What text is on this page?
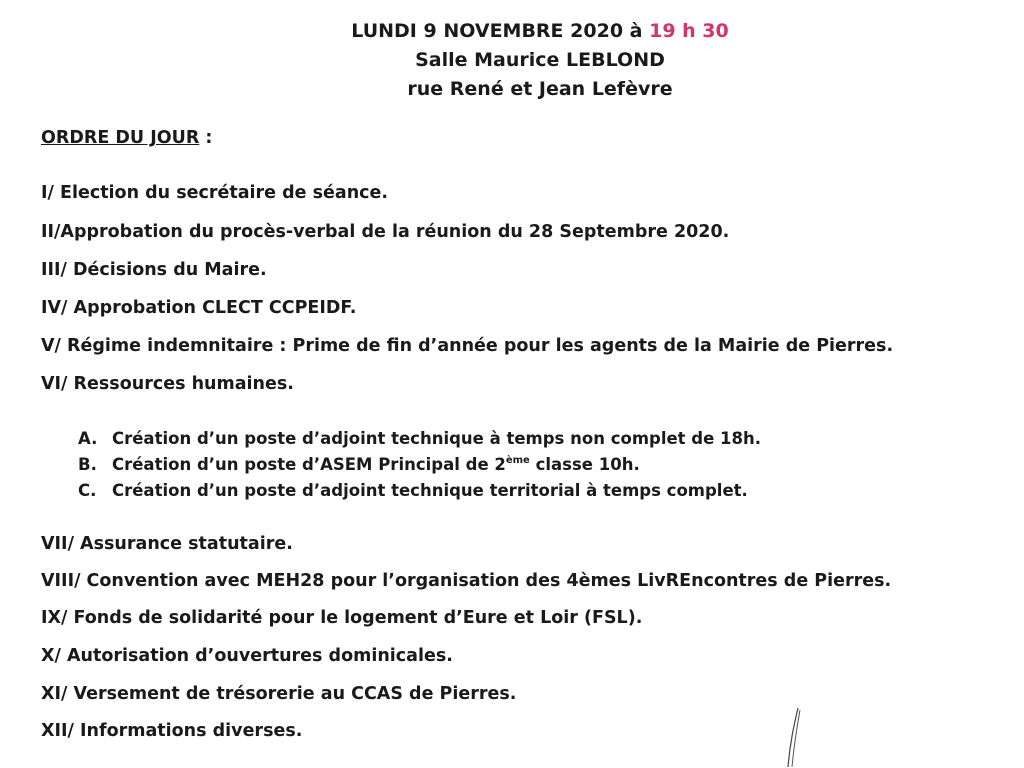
LUNDI 9 NOVEMBRE 2020 à 19 h 30
Salle Maurice LEBLOND
rue René et Jean Lefèvre
ORDRE DU JOUR :
I/ Election du secrétaire de séance.
II/Approbation du procès-verbal de la réunion du 28 Septembre 2020.
III/ Décisions du Maire.
IV/ Approbation CLECT CCPEIDF.
V/ Régime indemnitaire : Prime de fin d’année pour les agents de la Mairie de Pierres.
VI/ Ressources humaines.
A. Création d’un poste d’adjoint technique à temps non complet de 18h.
B. Création d’un poste d’ASEM Principal de 2ème classe 10h.
C. Création d’un poste d’adjoint technique territorial à temps complet.
VII/ Assurance statutaire.
VIII/ Convention avec MEH28 pour l’organisation des 4èmes LivREncontres de Pierres.
IX/ Fonds de solidarité pour le logement d’Eure et Loir (FSL).
X/ Autorisation d’ouvertures dominicales.
XI/ Versement de trésorerie au CCAS de Pierres.
XII/ Informations diverses.
